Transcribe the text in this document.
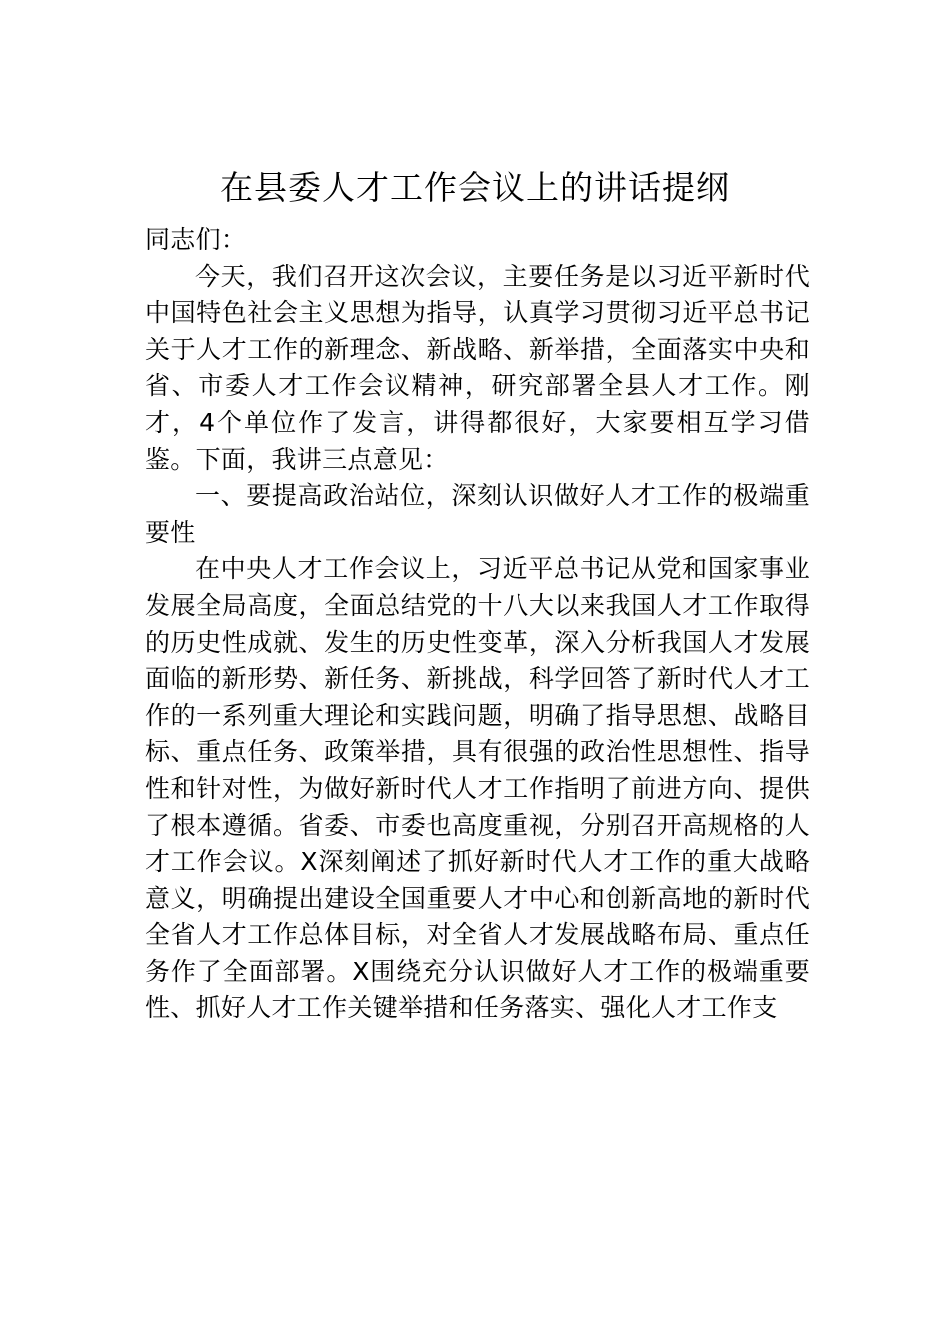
在县委人才工作会议上的讲话提纲

同志们：

今天，我们召开这次会议，主要任务是以习近平新时代中国特色社会主义思想为指导，认真学习贯彻习近平总书记关于人才工作的新理念、新战略、新举措，全面落实中央和省、市委人才工作会议精神，研究部署全县人才工作。刚才，4个单位作了发言，讲得都很好，大家要相互学习借鉴。下面，我讲三点意见：

一、要提高政治站位，深刻认识做好人才工作的极端重要性

在中央人才工作会议上，习近平总书记从党和国家事业发展全局高度，全面总结党的十八大以来我国人才工作取得的历史性成就、发生的历史性变革，深入分析我国人才发展面临的新形势、新任务、新挑战，科学回答了新时代人才工作的一系列重大理论和实践问题，明确了指导思想、战略目标、重点任务、政策举措，具有很强的政治性思想性、指导性和针对性，为做好新时代人才工作指明了前进方向、提供了根本遵循。省委、市委也高度重视，分别召开高规格的人才工作会议。X深刻阐述了抓好新时代人才工作的重大战略意义，明确提出建设全国重要人才中心和创新高地的新时代全省人才工作总体目标，对全省人才发展战略布局、重点任务作了全面部署。X围绕充分认识做好人才工作的极端重要性、抓好人才工作关键举措和任务落实、强化人才工作支
